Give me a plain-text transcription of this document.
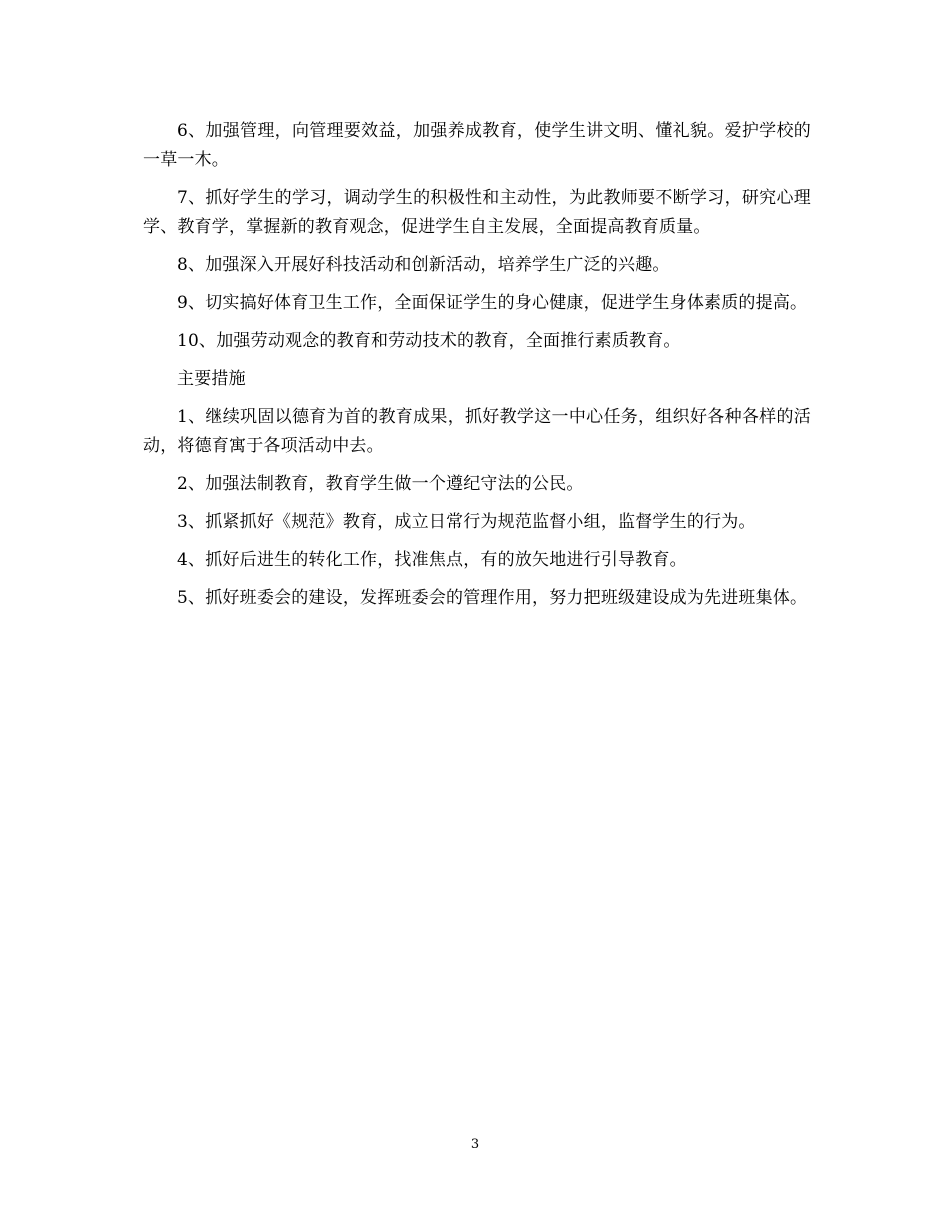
6、加强管理，向管理要效益，加强养成教育，使学生讲文明、懂礼貌。爱护学校的一草一木。

7、抓好学生的学习，调动学生的积极性和主动性，为此教师要不断学习，研究心理学、教育学，掌握新的教育观念，促进学生自主发展，全面提高教育质量。

8、加强深入开展好科技活动和创新活动，培养学生广泛的兴趣。

9、切实搞好体育卫生工作，全面保证学生的身心健康，促进学生身体素质的提高。

10、加强劳动观念的教育和劳动技术的教育，全面推行素质教育。

主要措施

1、继续巩固以德育为首的教育成果，抓好教学这一中心任务，组织好各种各样的活动，将德育寓于各项活动中去。

2、加强法制教育，教育学生做一个遵纪守法的公民。

3、抓紧抓好《规范》教育，成立日常行为规范监督小组，监督学生的行为。

4、抓好后进生的转化工作，找准焦点，有的放矢地进行引导教育。

5、抓好班委会的建设，发挥班委会的管理作用，努力把班级建设成为先进班集体。

3
